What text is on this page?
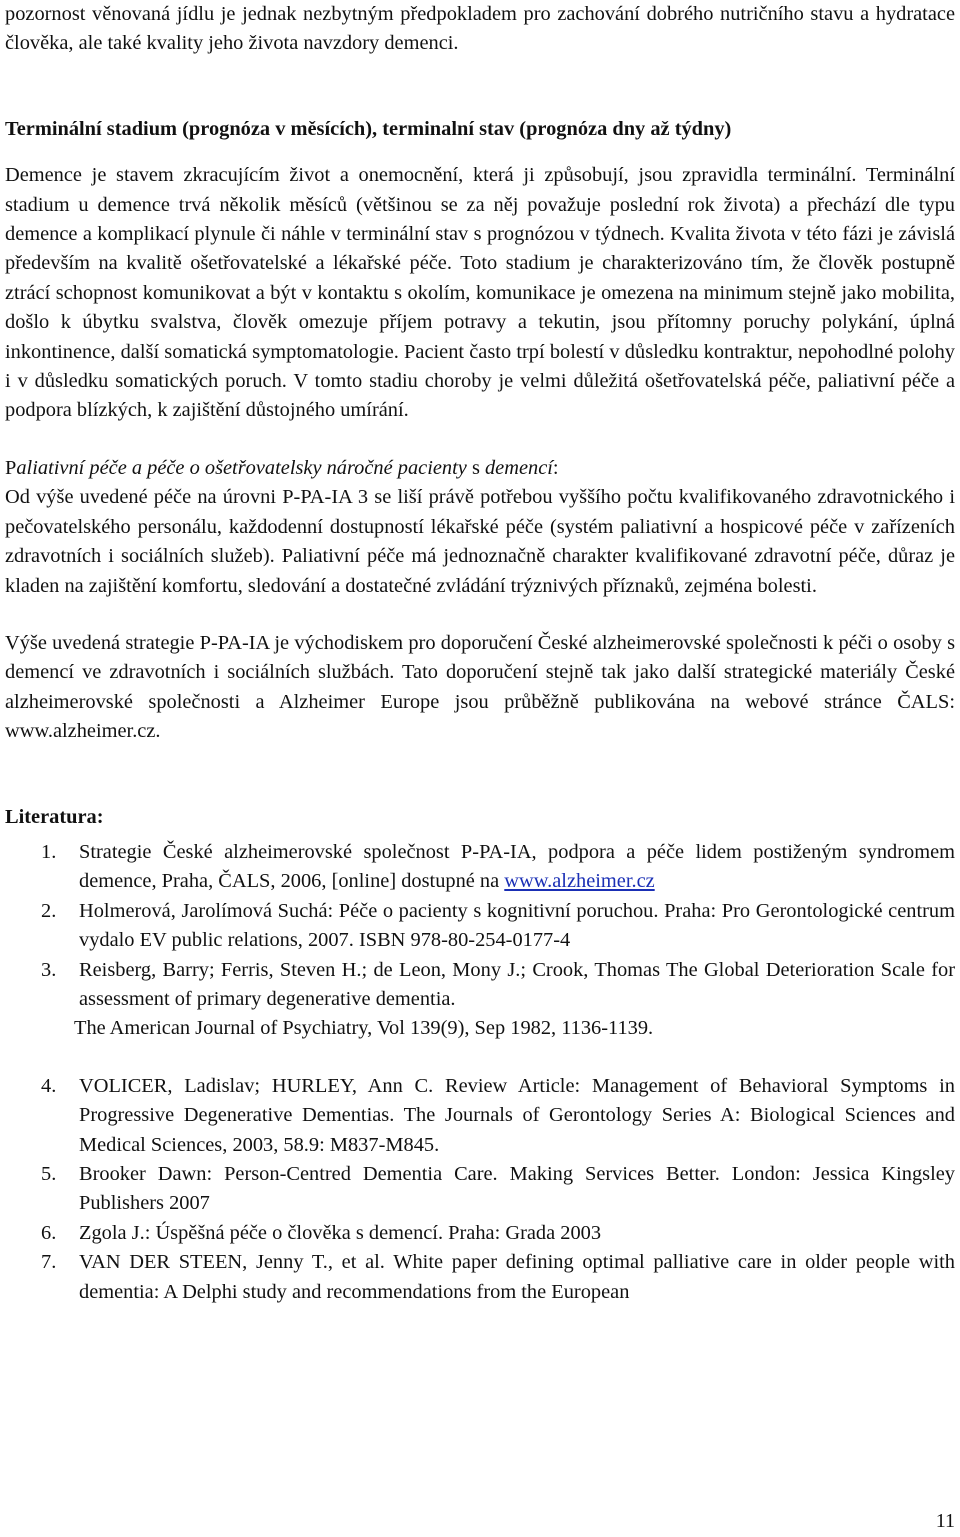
pozornost věnovaná jídlu je jednak nezbytným předpokladem pro zachování dobrého nutričního stavu a hydratace člověka, ale také kvality jeho života navzdory demenci.

Terminální stadium (prognóza v měsících), terminalní stav (prognóza dny až týdny)

Demence je stavem zkracujícím život a onemocnění, která ji způsobují, jsou zpravidla terminální. Terminální stadium u demence trvá několik měsíců (většinou se za něj považuje poslední rok života) a přechází dle typu demence a komplikací plynule či náhle v terminální stav s prognózou v týdnech. Kvalita života v této fázi je závislá především na kvalitě ošetřovatelské a lékařské péče. Toto stadium je charakterizováno tím, že člověk postupně ztrácí schopnost komunikovat a být v kontaktu s okolím, komunikace je omezena na minimum stejně jako mobilita, došlo k úbytku svalstva, člověk omezuje příjem potravy a tekutin, jsou přítomny poruchy polykání, úplná inkontinence, další somatická symptomatologie. Pacient často trpí bolestí v důsledku kontraktur, nepohodlné polohy i v důsledku somatických poruch. V tomto stadiu choroby je velmi důležitá ošetřovatelská péče, paliativní péče a podpora blízkých, k zajištění důstojného umírání.

Paliativní péče a péče o ošetřovatelsky náročné pacienty s demencí:

Od výše uvedené péče na úrovni P-PA-IA 3 se liší právě potřebou vyššího počtu kvalifikovaného zdravotnického i pečovatelského personálu, každodenní dostupností lékařské péče (systém paliativní a hospicové péče v zařízeních zdravotních i sociálních služeb). Paliativní péče má jednoznačně charakter kvalifikované zdravotní péče, důraz je kladen na zajištění komfortu, sledování a dostatečné zvládání trýznivých příznaků, zejména bolesti.

Výše uvedená strategie P-PA-IA je východiskem pro doporučení České alzheimerovské společnosti k péči o osoby s demencí ve zdravotních i sociálních službách. Tato doporučení stejně tak jako další strategické materiály České alzheimerovské společnosti a Alzheimer Europe jsou průběžně publikována na webové stránce ČALS: www.alzheimer.cz.

Literatura:

1.	Strategie České alzheimerovské společnost P-PA-IA, podpora a péče lidem postiženým syndromem demence, Praha, ČALS, 2006, [online] dostupné na www.alzheimer.cz
2.	Holmerová, Jarolímová Suchá: Péče o pacienty s kognitivní poruchou. Praha: Pro Gerontologické centrum vydalo EV public relations, 2007. ISBN 978-80-254-0177-4
3.	Reisberg, Barry; Ferris, Steven H.; de Leon, Mony J.; Crook, Thomas The Global Deterioration Scale for assessment of primary degenerative dementia.
The American Journal of Psychiatry, Vol 139(9), Sep 1982, 1136-1139.
4.	VOLICER, Ladislav; HURLEY, Ann C. Review Article: Management of Behavioral Symptoms in Progressive Degenerative Dementias. The Journals of Gerontology Series A: Biological Sciences and Medical Sciences, 2003, 58.9: M837-M845.
5.	Brooker Dawn: Person-Centred Dementia Care. Making Services Better. London: Jessica Kingsley Publishers 2007
6.	Zgola J.: Úspěšná péče o člověka s demencí. Praha: Grada 2003
7.	VAN DER STEEN, Jenny T., et al. White paper defining optimal palliative care in older people with dementia: A Delphi study and recommendations from the European
11
